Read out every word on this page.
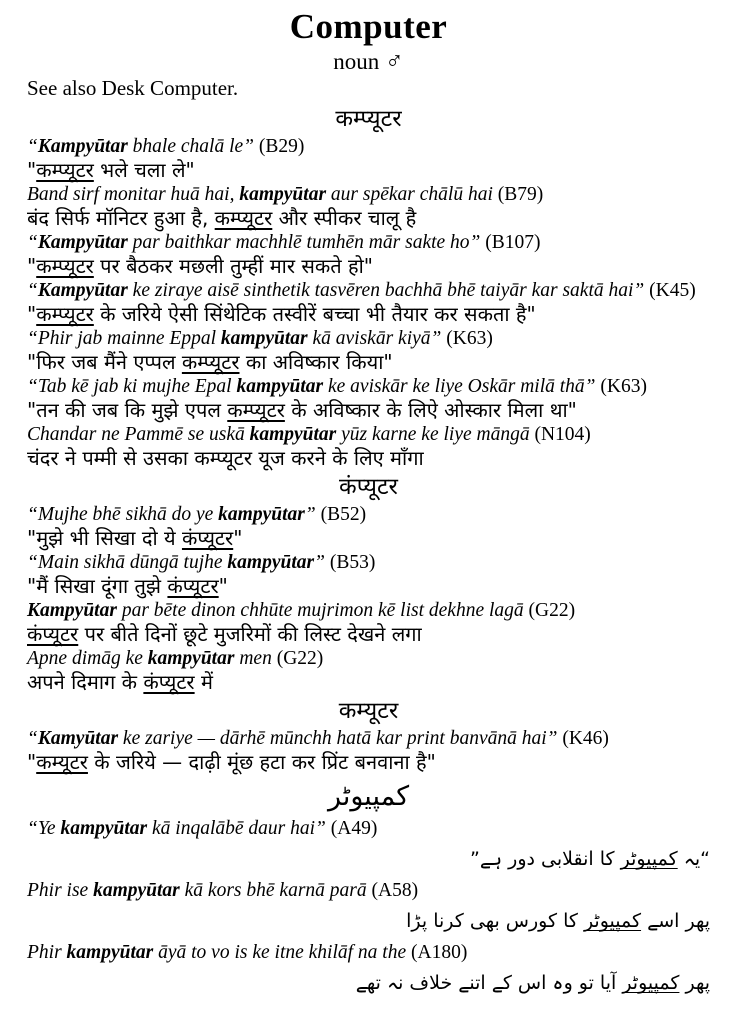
Computer
noun ♂
See also Desk Computer.
कम्प्यूटर
“Kampyūtar bhale chalā le” (B29)
"कम्प्यूटर भले चला ले"
Band sirf monitar huā hai, kampyūtar aur spēkar chālū hai (B79)
बंद सिर्फ मॉनिटर हुआ है, कम्प्यूटर और स्पीकर चालू है
“Kampyūtar par baithkar machhlē tumhēn mār sakte ho” (B107)
"कम्प्यूटर पर बैठकर मछली तुम्हीं मार सकते हो"
“Kampyūtar ke ziraye aisē sinthetik tasvēren bachhā bhē taiyār kar saktā hai” (K45)
"कम्प्यूटर के जरिये ऐसी सिंथेटिक तस्वीरें बच्चा भी तैयार कर सकता है"
“Phir jab mainne Eppal kampyūtar kā aviskār kiyā” (K63)
"फिर जब मैंने एप्पल कम्प्यूटर का अविष्कार किया"
“Tab kē jab ki mujhe Epal kampyūtar ke aviskār ke liye Oskār milā thā” (K63)
"तन की जब कि मुझे एपल कम्प्यूटर के अविष्कार के लिऐ ओस्कार मिला था"
Chandar ne Pammē se uskā kampyūtar yūz karne ke liye māngā (N104)
चंदर ने पम्मी से उसका कम्प्यूटर यूज करने के लिए माँगा
कंप्यूटर
“Mujhe bhē sikhā do ye kampyūtar” (B52)
"मुझे भी सिखा दो ये कंप्यूटर"
“Main sikhā dūngā tujhe kampyūtar” (B53)
"मैं सिखा दूंगा तुझे कंप्यूटर"
Kampyūtar par bēte dinon chhūte mujrimon kē list dekhne lagā (G22)
कंप्यूटर पर बीते दिनों छूटे मुजरिमों की लिस्ट देखने लगा
Apne dimāg ke kampyūtar men (G22)
अपने दिमाग के कंप्यूटर में
कम्यूटर
“Kamyūtar ke zariye — dārhē mūnchh hatā kar print banvānā hai” (K46)
"कम्यूटर के जरिये — दाढ़ी मूंछ हटा कर प्रिंट बनवाना है"
کمپیوٹر
“Ye kampyūtar kā inqalābē daur hai” (A49)
“یہ کمپیوٹر کا انقلابی دور ہے”
Phir ise kampyūtar kā kors bhē karnā parā (A58)
پھر اسے کمپیوٹر کا کورس بھی کرنا پڑا
Phir kampyūtar āyā to vo is ke itne khilāf na the (A180)
پھر کمپیوٹر آیا تو وہ اس کے اتنے خلاف نہ تھے
